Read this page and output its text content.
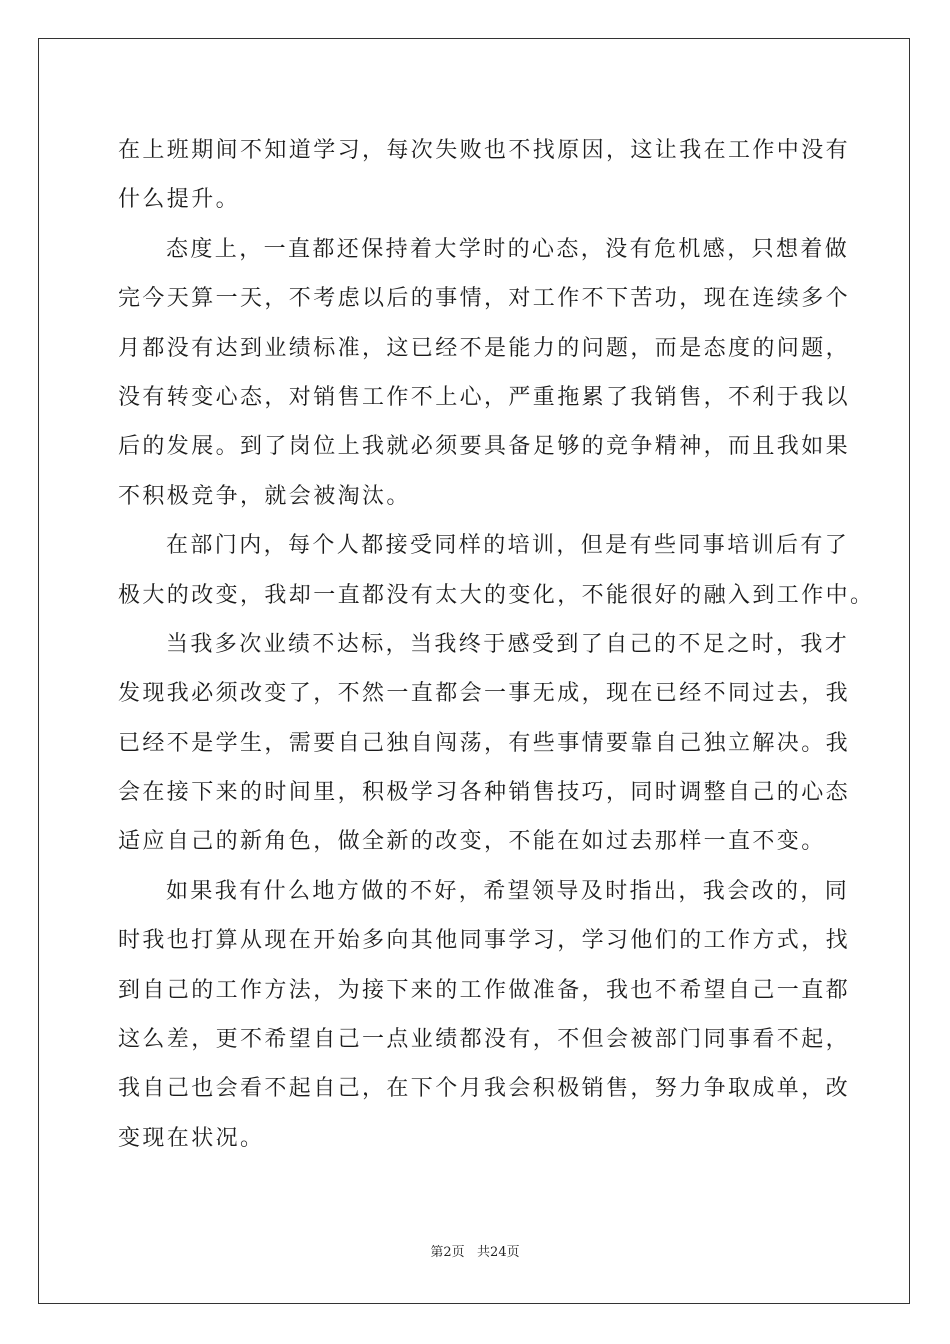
在上班期间不知道学习，每次失败也不找原因，这让我在工作中没有
什么提升。
态度上，一直都还保持着大学时的心态，没有危机感，只想着做
完今天算一天，不考虑以后的事情，对工作不下苦功，现在连续多个
月都没有达到业绩标准，这已经不是能力的问题，而是态度的问题，
没有转变心态，对销售工作不上心，严重拖累了我销售，不利于我以
后的发展。到了岗位上我就必须要具备足够的竞争精神，而且我如果
不积极竞争，就会被淘汰。
在部门内，每个人都接受同样的培训，但是有些同事培训后有了
极大的改变，我却一直都没有太大的变化，不能很好的融入到工作中。
当我多次业绩不达标，当我终于感受到了自己的不足之时，我才
发现我必须改变了，不然一直都会一事无成，现在已经不同过去，我
已经不是学生，需要自己独自闯荡，有些事情要靠自己独立解决。我
会在接下来的时间里，积极学习各种销售技巧，同时调整自己的心态
适应自己的新角色，做全新的改变，不能在如过去那样一直不变。
如果我有什么地方做的不好，希望领导及时指出，我会改的，同
时我也打算从现在开始多向其他同事学习，学习他们的工作方式，找
到自己的工作方法，为接下来的工作做准备，我也不希望自己一直都
这么差，更不希望自己一点业绩都没有，不但会被部门同事看不起，
我自己也会看不起自己，在下个月我会积极销售，努力争取成单，改
变现在状况。
第2页   共24页
